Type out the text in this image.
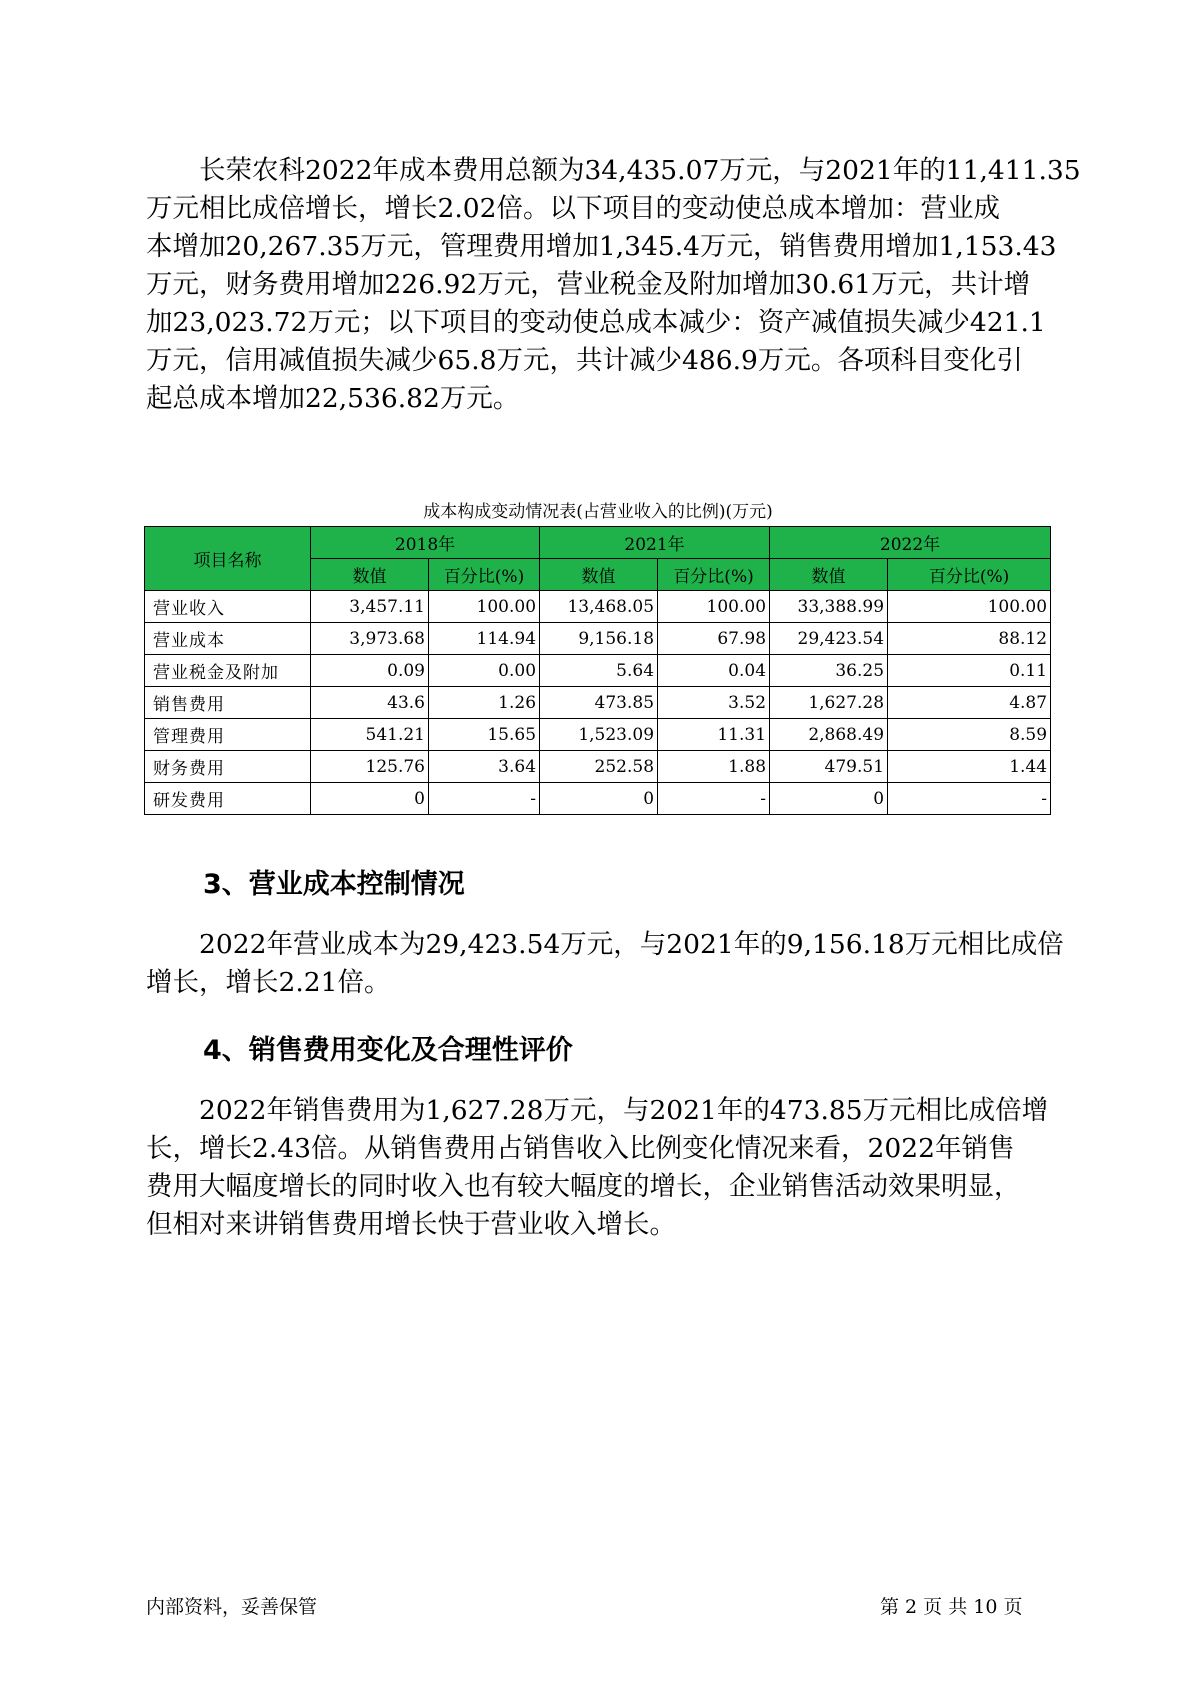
长荣农科2022年成本费用总额为34,435.07万元，与2021年的11,411.35
万元相比成倍增长，增长2.02倍。以下项目的变动使总成本增加：营业成
本增加20,267.35万元，管理费用增加1,345.4万元，销售费用增加1,153.43
万元，财务费用增加226.92万元，营业税金及附加增加30.61万元，共计增
加23,023.72万元；以下项目的变动使总成本减少：资产减值损失减少421.1
万元，信用减值损失减少65.8万元，共计减少486.9万元。各项科目变化引
起总成本增加22,536.82万元。
成本构成变动情况表(占营业收入的比例)(万元)
项目名称	2018年		2021年		2022年	
	数值	百分比(%)	数值	百分比(%)	数值	百分比(%)
营业收入	3,457.11	100.00	13,468.05	100.00	33,388.99	100.00
营业成本	3,973.68	114.94	9,156.18	67.98	29,423.54	88.12
营业税金及附加	0.09	0.00	5.64	0.04	36.25	0.11
销售费用	43.6	1.26	473.85	3.52	1,627.28	4.87
管理费用	541.21	15.65	1,523.09	11.31	2,868.49	8.59
财务费用	125.76	3.64	252.58	1.88	479.51	1.44
研发费用	0	-	0	-	0	-
3、营业成本控制情况
2022年营业成本为29,423.54万元，与2021年的9,156.18万元相比成倍
增长，增长2.21倍。
4、销售费用变化及合理性评价
2022年销售费用为1,627.28万元，与2021年的473.85万元相比成倍增
长，增长2.43倍。从销售费用占销售收入比例变化情况来看，2022年销售
费用大幅度增长的同时收入也有较大幅度的增长，企业销售活动效果明显，
但相对来讲销售费用增长快于营业收入增长。
内部资料，妥善保管	第 2 页 共 10 页
